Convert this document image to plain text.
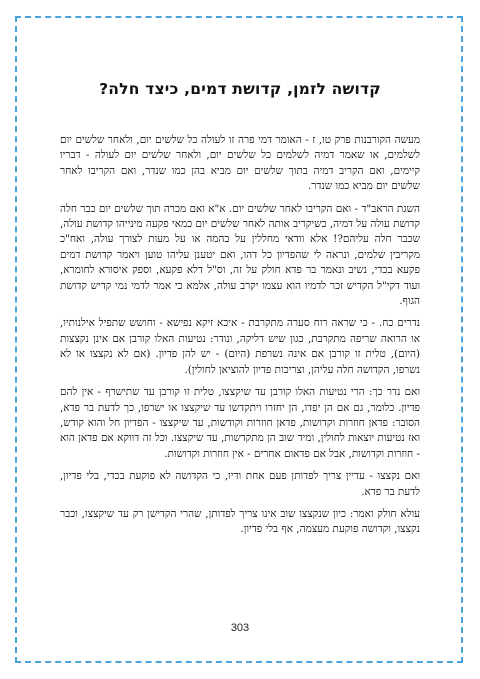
קדושה לזמן, קדושת דמים, כיצד חלה?

מעשה הקורבנות פרק טו, ז - האומר דמי פרה זו לעולה כל שלשים יום, ולאחר שלשים יום לשלמים, או שאמר דמיה לשלמים כל שלשים יום, ולאחר שלשים יום לעולה - דבריו קיימים, ואם הקריב דמיה בתוך שלשים יום מביא בהן כמו שנדר, ואם הקריבו לאחר שלשים יום מביא כמו שנדר.

השגת הראב"ד - ואם הקריבו לאחר שלשים יום. א"א ואם מכרה תוך שלשים יום כבר חלה קדושת עולה על דמיה, כשיקריב אותה לאחר שלשים יום כמאי פקעה מינייהו קדושת עולה, שכבר חלה עליהם?! אלא וודאי מחללין על בהמה או על מעות לצורך עולה, ואח"כ מקריבין שלמים, ונראה לי שהפדיון כל דהו, ואם יטענן עליהו טוען ויאמר קדושת דמים פקעא בכדי, נשיב ונאמר בר פדא חולק על זה, וס"ל דלא פקעא, וספק איסורא לחומרא, ועוד דקי"ל הקדיש זכר לדמיו הוא עצמו יקרב עולה, אלמא כי אמר לדמי נמי קדיש קדושת הגוף.

נדרים כח. - כי שראה רוח סערה מתקרבת - איכא זיקא נפישא - וחושש שתפיל אילנותיו, או הרואה שריפה מתקרבת, כגון שיש דליקה, ונודר: נטיעות האלו קורבן אם אינן נקצצות (היום), טלית זו קורבן אם אינה נשרפת (היום) - יש להן פדיון. (אם לא נקצצו או לא נשרפו, הקדושה חלה עליהן, וצריכות פדיון להוציאן לחולין).

ואם נדר כך: הרי נטיעות האלו קורבן עד שיקצצו, טלית זו קורבן עד שתישרף - אין להם פדיון. כלומר, גם אם הן יפדו, הן יחזרו ויתקדשו עד שיקצצו או ישרפו, כך לדעת בר פדא, הסובר: פדאן חוזרות וקדושות, פדאן חוזרות וקודשות, עד שיקצצו - הפדיון חל והוא קודש, ואז נטיעות יוצאות לחולין, ומיד שוב הן מתקדשות, עד שיקצצו. וכל זה דווקא אם פדאן הוא - חוזרות וקדושות, אבל אם פדאום אחרים - אין חוזרות וקדושות.

ואם נקצצו - עדיין צריך לפדותן פעם אחת ודיו, כי הקדושה לא פוקעת בכדי, בלי פדיון, לדעת בר פדא.

עולא חולק ואמר: כיון שנקצצו שוב אינו צריך לפדותן, שהרי הקדישן רק עד שיקצצו, וכבר נקצצו, וקדושה פוקעת מעצמה, אף בלי פדיון.

303
